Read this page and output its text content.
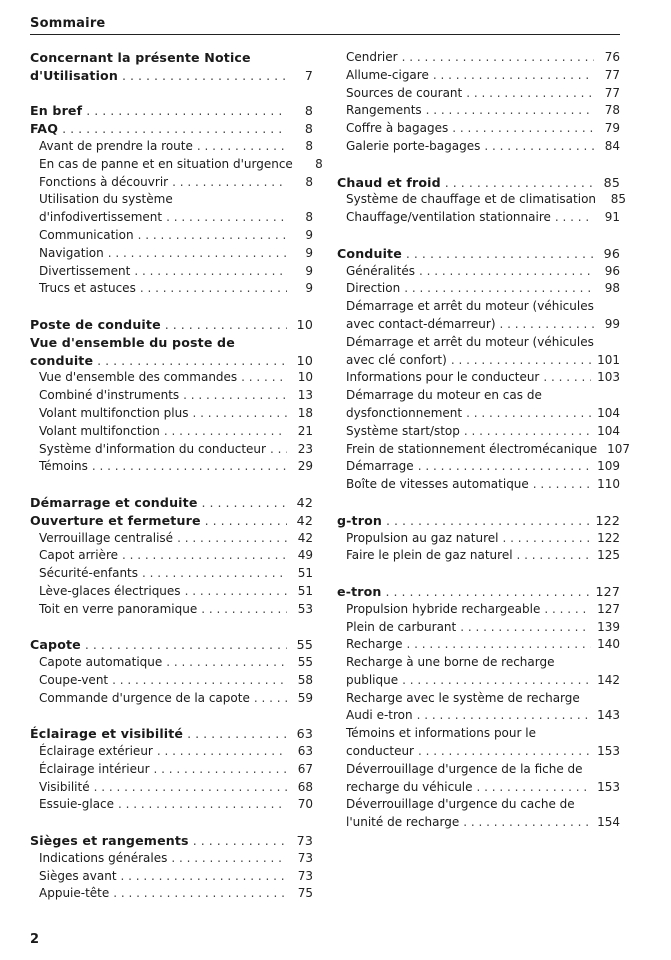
Sommaire
Concernant la présente Notice
d'Utilisation . . .	7
En bref . . .	8
FAQ . . .	8
Avant de prendre la route . . .	8
En cas de panne et en situation d'urgence	8
Fonctions à découvrir . . .	8
Utilisation du système
d'infodivertissement . . .	8
Communication . . .	9
Navigation . . .	9
Divertissement . . .	9
Trucs et astuces . . .	9
Poste de conduite . . .	10
Vue d'ensemble du poste de
conduite . . .	10
Vue d'ensemble des commandes . . .	10
Combiné d'instruments . . .	13
Volant multifonction plus . . .	18
Volant multifonction . . .	21
Système d'information du conducteur . . .	23
Témoins . . .	29
Démarrage et conduite . . .	42
Ouverture et fermeture . . .	42
Verrouillage centralisé . . .	42
Capot arrière . . .	49
Sécurité-enfants . . .	51
Lève-glaces électriques . . .	51
Toit en verre panoramique . . .	53
Capote . . .	55
Capote automatique . . .	55
Coupe-vent . . .	58
Commande d'urgence de la capote . . .	59
Éclairage et visibilité . . .	63
Éclairage extérieur . . .	63
Éclairage intérieur . . .	67
Visibilité . . .	68
Essuie-glace . . .	70
Sièges et rangements . . .	73
Indications générales . . .	73
Sièges avant . . .	73
Appuie-tête . . .	75
Cendrier . . .	76
Allume-cigare . . .	77
Sources de courant . . .	77
Rangements . . .	78
Coffre à bagages . . .	79
Galerie porte-bagages . . .	84
Chaud et froid . . .	85
Système de chauffage et de climatisation	85
Chauffage/ventilation stationnaire . . .	91
Conduite . . .	96
Généralités . . .	96
Direction . . .	98
Démarrage et arrêt du moteur (véhicules
avec contact-démarreur) . . .	99
Démarrage et arrêt du moteur (véhicules
avec clé confort) . . .	101
Informations pour le conducteur . . .	103
Démarrage du moteur en cas de
dysfonctionnement . . .	104
Système start/stop . . .	104
Frein de stationnement électromécanique 107
Démarrage . . .	109
Boîte de vitesses automatique . . .	110
g-tron . . .	122
Propulsion au gaz naturel . . .	122
Faire le plein de gaz naturel . . .	125
e-tron . . .	127
Propulsion hybride rechargeable . . .	127
Plein de carburant . . .	139
Recharge . . .	140
Recharge à une borne de recharge
publique . . .	142
Recharge avec le système de recharge
Audi e-tron . . .	143
Témoins et informations pour le
conducteur . . .	153
Déverrouillage d'urgence de la fiche de
recharge du véhicule . . .	153
Déverrouillage d'urgence du cache de
l'unité de recharge . . .	154
2
